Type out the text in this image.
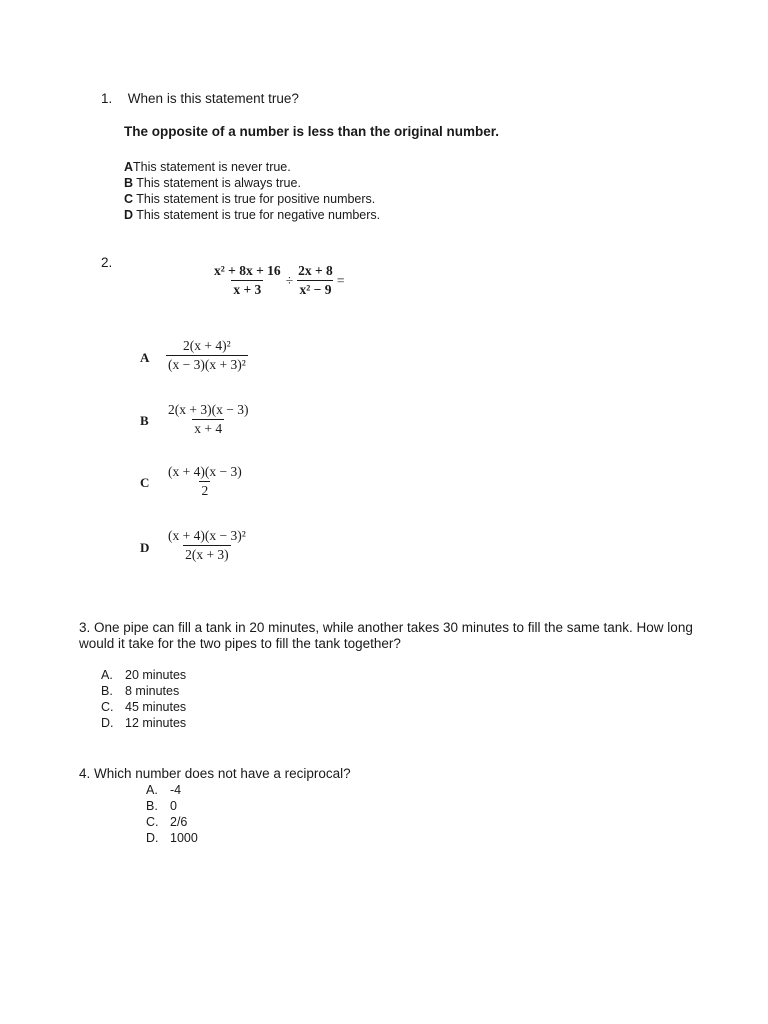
1. When is this statement true?
The opposite of a number is less than the original number.
AThis statement is never true.
B This statement is always true.
C This statement is true for positive numbers.
D This statement is true for negative numbers.
2.
$\frac{\text{x² + 8x + 16}}{x + 3} \div \frac{2x + 8}{\text{x² − 9}}$ =
A $\frac{\text{2(x + 4)²}}{\text{(x − 3)(x + 3)²}}$
B $\frac{2(x + 3)(x - 3)}{x + 4}$
C $\frac{(x + 4)(x - 3)}{2}$
D $\frac{\text{(x + 4)(x − 3)²}}{2(x + 3)}$
3. One pipe can fill a tank in 20 minutes, while another takes 30 minutes to fill the same tank. How long would it take for the two pipes to fill the tank together?
A. 20 minutes
B. 8 minutes
C. 45 minutes
D. 12 minutes
4. Which number does not have a reciprocal?
A. -4
B. 0
C. 2/6
D. 1000
